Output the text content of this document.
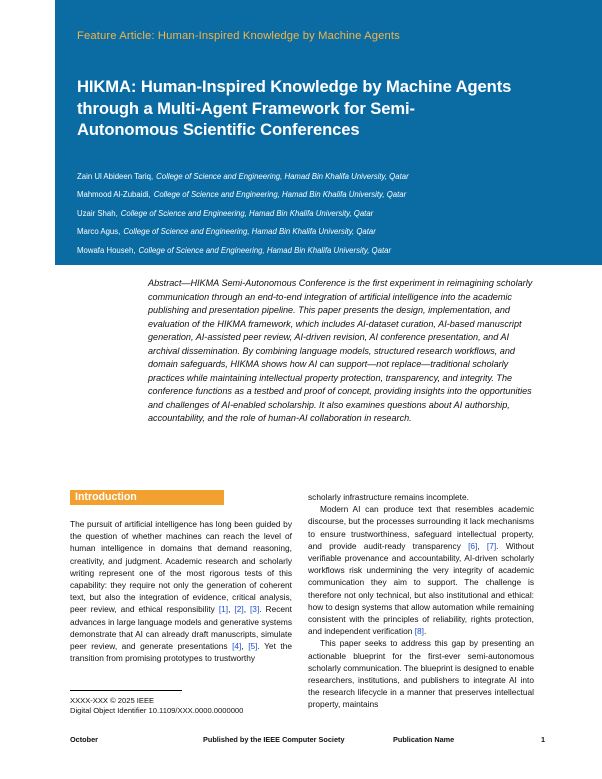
Feature Article: Human-Inspired Knowledge by Machine Agents
HIKMA: Human-Inspired Knowledge by Machine Agents through a Multi-Agent Framework for Semi-Autonomous Scientific Conferences
Zain Ul Abideen Tariq, College of Science and Engineering, Hamad Bin Khalifa University, Qatar
Mahmood Al-Zubaidi, College of Science and Engineering, Hamad Bin Khalifa University, Qatar
Uzair Shah, College of Science and Engineering, Hamad Bin Khalifa University, Qatar
Marco Agus, College of Science and Engineering, Hamad Bin Khalifa University, Qatar
Mowafa Househ, College of Science and Engineering, Hamad Bin Khalifa University, Qatar
Abstract—HIKMA Semi-Autonomous Conference is the first experiment in reimagining scholarly communication through an end-to-end integration of artificial intelligence into the academic publishing and presentation pipeline. This paper presents the design, implementation, and evaluation of the HIKMA framework, which includes AI-dataset curation, AI-based manuscript generation, AI-assisted peer review, AI-driven revision, AI conference presentation, and AI archival dissemination. By combining language models, structured research workflows, and domain safeguards, HIKMA shows how AI can support—not replace—traditional scholarly practices while maintaining intellectual property protection, transparency, and integrity. The conference functions as a testbed and proof of concept, providing insights into the opportunities and challenges of AI-enabled scholarship. It also examines questions about AI authorship, accountability, and the role of human-AI collaboration in research.
Introduction

The pursuit of artificial intelligence has long been guided by the question of whether machines can reach the level of human intelligence in domains that demand reasoning, creativity, and judgment. Academic research and scholarly writing represent one of the most rigorous tests of this capability: they require not only the generation of coherent text, but also the integration of evidence, critical analysis, peer review, and ethical responsibility [1], [2], [3]. Recent advances in large language models and generative systems demonstrate that AI can already draft manuscripts, simulate peer review, and generate presentations [4], [5]. Yet the transition from promising prototypes to trustworthy

scholarly infrastructure remains incomplete.

Modern AI can produce text that resembles academic discourse, but the processes surrounding it lack mechanisms to ensure trustworthiness, safeguard intellectual property, and provide audit-ready transparency [6], [7]. Without verifiable provenance and accountability, AI-driven scholarly workflows risk undermining the very integrity of academic communication they aim to support. The challenge is therefore not only technical, but also institutional and ethical: how to design systems that allow automation while remaining consistent with the principles of reliability, rights protection, and independent verification [8].

This paper seeks to address this gap by presenting an actionable blueprint for the first-ever semi-autonomous scholarly communication. The blueprint is designed to enable researchers, institutions, and publishers to integrate AI into the research lifecycle in a manner that preserves intellectual property, maintains

XXXX-XXX © 2025 IEEE
Digital Object Identifier 10.1109/XXX.0000.0000000
October	Published by the IEEE Computer Society	Publication Name	1
